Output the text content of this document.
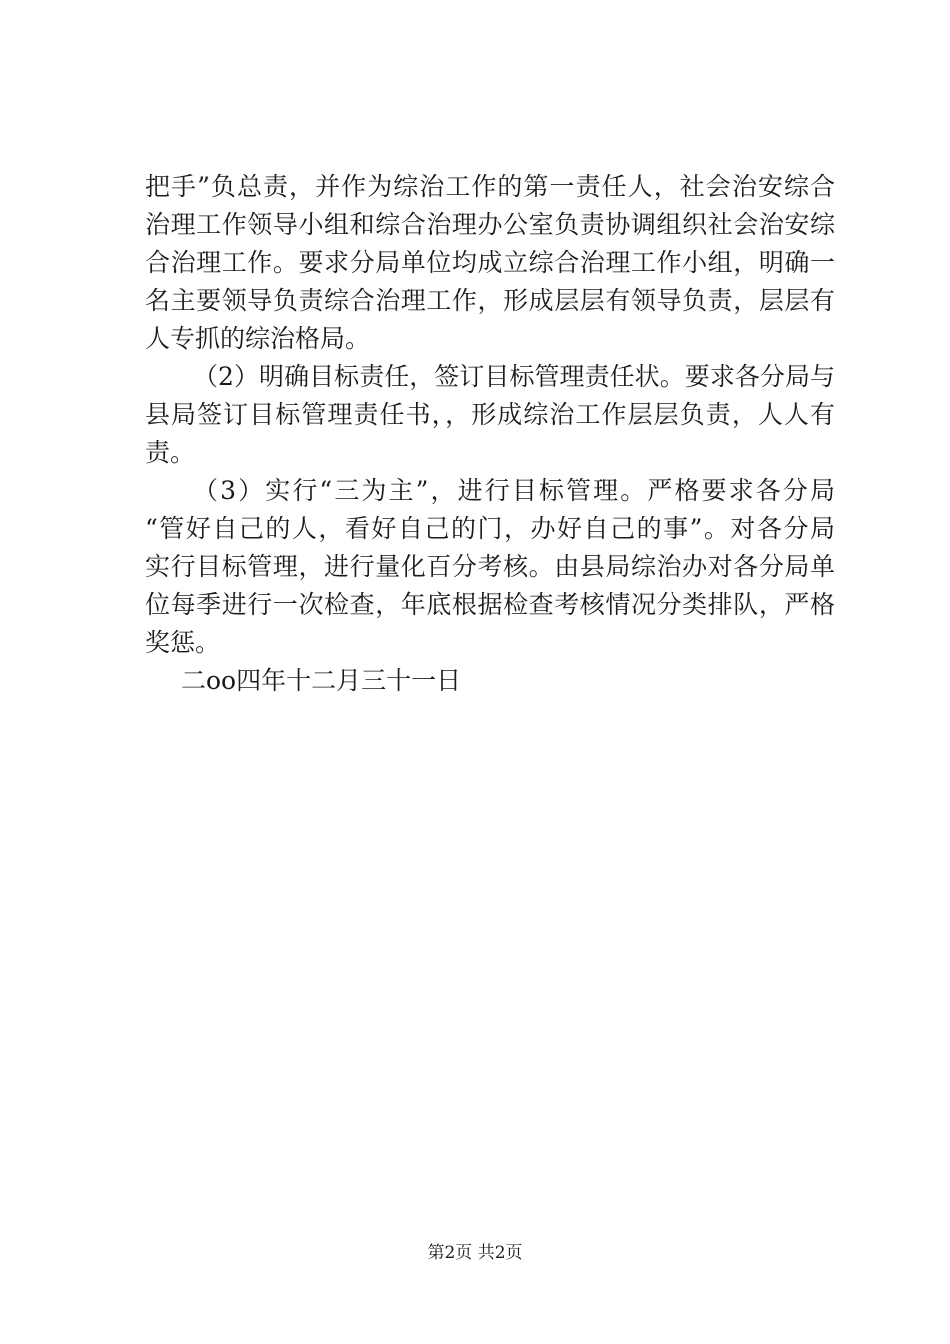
把手”负总责，并作为综治工作的第一责任人，社会治安综合
治理工作领导小组和综合治理办公室负责协调组织社会治安综
合治理工作。要求分局单位均成立综合治理工作小组，明确一
名主要领导负责综合治理工作，形成层层有领导负责，层层有
人专抓的综治格局。
（2）明确目标责任，签订目标管理责任状。要求各分局与
县局签订目标管理责任书，，形成综治工作层层负责，人人有
责。
（3）实行“三为主”，进行目标管理。严格要求各分局
“管好自己的人，看好自己的门，办好自己的事”。对各分局
实行目标管理，进行量化百分考核。由县局综治办对各分局单
位每季进行一次检查，年底根据检查考核情况分类排队，严格
奖惩。
二oo四年十二月三十一日
第2页 共2页
